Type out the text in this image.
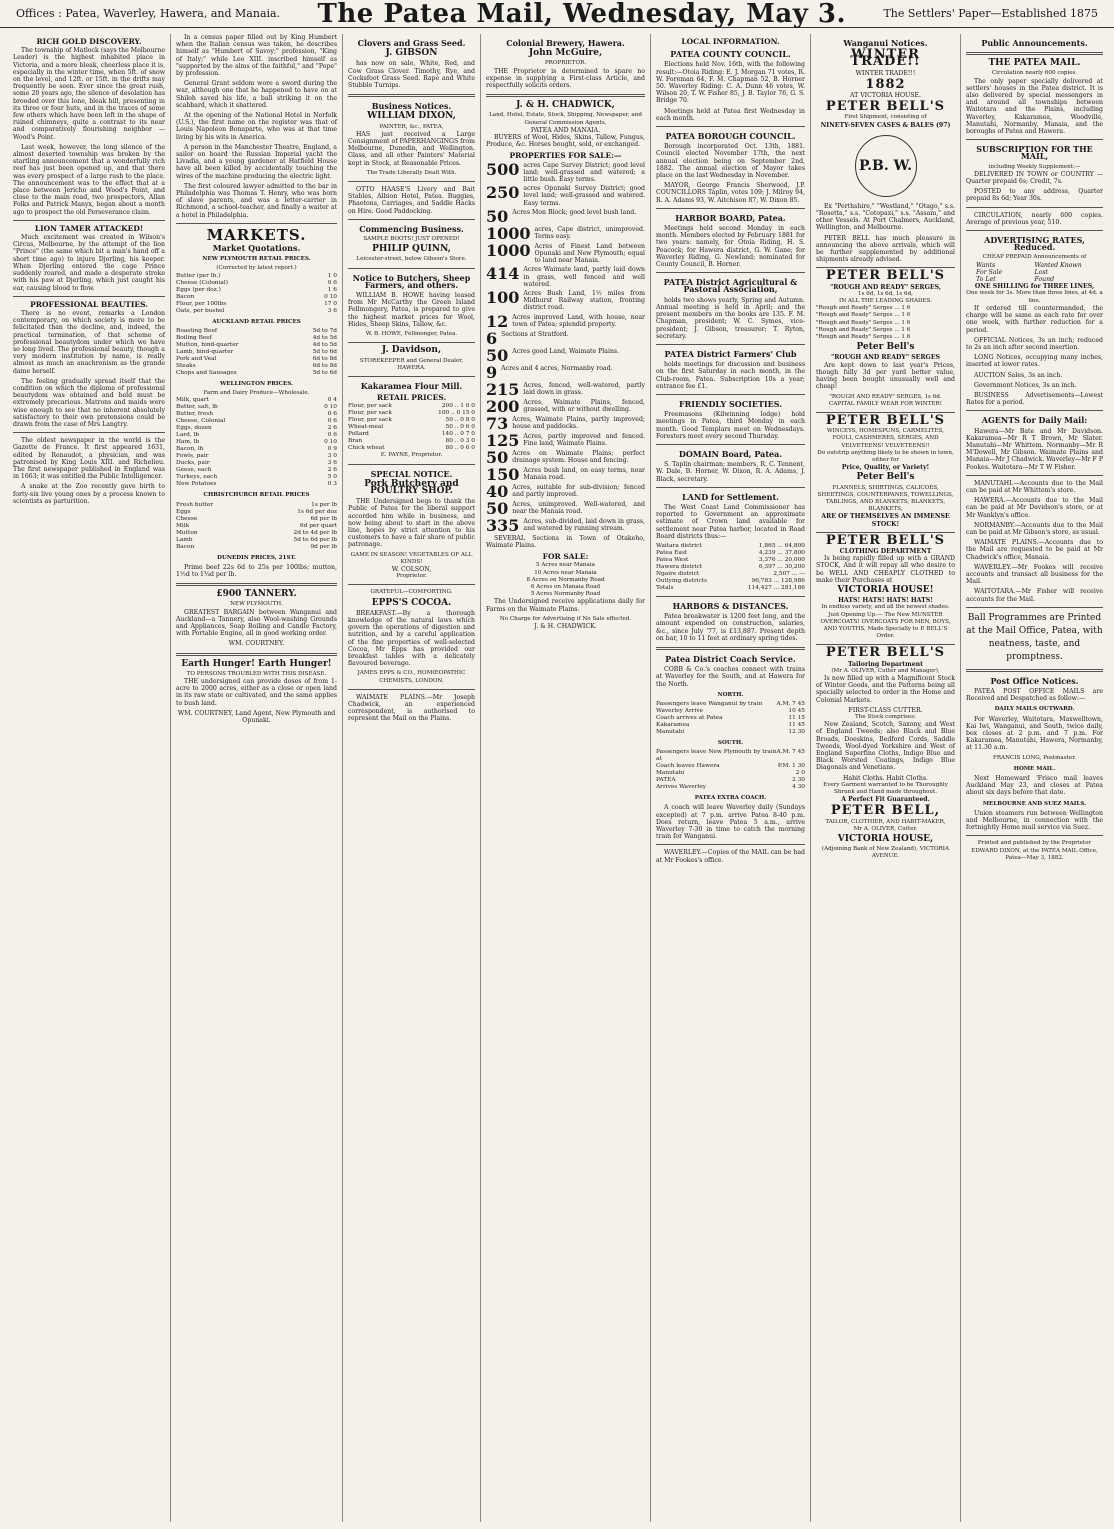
Offices : Patea, Waverley, Hawera, and Manaia. The Patea Mail, Wednesday, May 3.	The Settlers' Paper—Established 1875
RICH GOLD DISCOVERY.

The township of Matlock (says the Melbourne Leader) is the highest inhabited place in Victoria, and a more bleak, cheerless place it is, especially in the winter time, when 5ft. of snow on the level, and 12ft. or 15ft. in the drifts may frequently be seen. Ever since the great rush, some 20 years ago, the silence of desolation has brooded over this lone, bleak hill, presenting in its three or four huts, and in the traces of some few others which have been left in the shape of ruined chimneys, quite a contrast to its near and comparatively flourishing neighbor — Wood's Point.

Last week, however, the long silence of the almost deserted township was broken by the startling announcement that a wonderfully rich reef has just been opened up, and that there was every prospect of a large rush to the place. The announcement was to the effect that at a place between Jericho and Wood's Point, and close to the main road, two prospectors, Allan Folks and Patrick Manyx, began about a month ago to prospect the old Perseverance claim.

LION TAMER ATTACKED!

Much excitement was created in Wilson's Circus, Melbourne, by the attempt of the lion "Prince" (the same which bit a man's hand off a short time ago) to injure Djerling, his keeper. When Djerling entered the cage Prince suddenly roared, and made a desperate stroke with his paw at Djerling, which just caught his ear, causing blood to flow.

PROFESSIONAL BEAUTIES.

There is no event, remarks a London contemporary, on which society is more to be felicitated than the decline, and, indeed, the practical termination, of that scheme of professional beautydom under which we have so long lived. The professional beauty, though a very modern institution by name, is really almost as much an anachronism as the grande dame herself.

The feeling gradually spread itself that the condition on which the diploma of professional beautydom was obtained and held must be extremely precarious. Matrons and maids were wise enough to see that no inherent absolutely satisfactory to their own pretensions could be drawn from the case of Mrs Langtry.

The oldest newspaper in the world is the Gazette de France. It first appeared 1631, edited by Renaudot, a physician, and was patronised by King Louis XIII. and Richelieu. The first newspaper published in England was in 1663; it was entitled the Public Intelligencer.

A snake at the Zoo recently gave birth to forty-six live young ones by a process known to scientists as parturition.

In a census paper filled out by King Humbert when the Italian census was taken, he describes himself as "Humbert of Savoy;" profession, "King of Italy;" while Leo XIII. inscribed himself as "supported by the alms of the faithful," and "Pope" by profession.

General Grant seldom wore a sword during the war, although one that he happened to have on at Shiloh saved his life, a ball striking it on the scabbard, which it shattered.

At the opening of the National Hotel in Norfolk (U.S.), the first name on the register was that of Louis Napoleon Bonaparte, who was at that time living by his wits in America.

A person in the Manchester Theatre, England, a sailor on board the Russian Imperial yacht the Livadia, and a young gardener at Hatfield House have all been killed by accidentally touching the wires of the machine producing the electric light.

The first coloured lawyer admitted to the bar in Philadelphia was Thomas T. Henry, who was born of slave parents, and was a letter-carrier in Richmond, a school-teacher, and finally a waiter at a hotel in Philadelphia.

MARKETS.
Market Quotations.
NEW PLYMOUTH RETAIL PRICES.
(Corrected by latest report.)
Butter (per lb.)	1 0
Cheese (Colonial)	0 6
Eggs (per doz.)	1 6
Bacon	0 10
Flour, per 100lbs	17 0
Oats, per bushel	3 6
AUCKLAND RETAIL PRICES
Roasting Beef	5d to 7d
Boiling Beef	4d to 5d
Mutton, hind-quarter	4d to 5d
Lamb, hind-quarter	5d to 6d
Pork and Veal	6d to 8d
Steaks	6d to 8d
Chops and Sausages	5d to 6d
WELLINGTON PRICES.
Farm and Dairy Produce—Wholesale.
Milk, quart	0 4
Butter, salt, lb	0 10
Butter, fresh	0 6
Cheese, Colonial	0 6
Eggs, dozen	2 6
Lard, lb	0 6
Ham, lb	0 10
Bacon, lb	0 9
Fowls, pair	3 0
Ducks, pair	3 6
Geese, each	2 6
Turkeys, each	5 0
New Potatoes	0 3
CHRISTCHURCH RETAIL PRICES
Fresh butter	1s per lb
Eggs	1s 6d per doz
Cheese	6d per lb
Milk	6d per quart
Mutton	2d to 4d per lb
Lamb	5d to 6d per lb
Bacon	9d per lb
DUNEDIN PRICES, 21ST.

Prime beef 22s 6d to 25s per 100lbs; mutton, 1½d to 1¾d per lb.

£900 TANNERY.
NEW PLYMOUTH.

GREATEST BARGAIN between Wanganui and Auckland—a Tannery, also Wool-washing Grounds and Appliances, Soap Boiling and Candle Factory, with Portable Engine, all in good working order.

WM. COURTNEY.
Earth Hunger! Earth Hunger!
TO PERSONS TROUBLED WITH THIS DISEASE.

THE undersigned can provide doses of from 1-acre to 2000 acres, either as a close or open land in its raw state or cultivated, and the same applies to bush land.

WM. COURTNEY, Land Agent, New Plymouth and Opunaki.
Clovers and Grass Seed.
J. GIBSON

has now on sale, White, Red, and Cow Grass Clover. Timothy, Rye, and Cocksfoot Grass Seed. Rape and White Stubble Turnips.

Business Notices.
WILLIAM DIXON,
PAINTER, &c., PATEA,

HAS just received a Large Consignment of PAPERHANGINGS from Melbourne, Dunedin, and Wellington. Glass, and all other Painters' Material kept in Stock, at Reasonable Prices.

The Trade Liberally Dealt With.

OTTO HAASE'S Livery and Bait Stables, Albion Hotel, Patea. Buggies, Phaetons, Carriages, and Saddle Hacks on Hire. Good Paddocking.

Commencing Business.
SAMPLE BOOTS! JUST OPENED!
PHILIP QUINN,
Leicester-street, below Gibson's Store.
Notice to Butchers, Sheep Farmers, and others.

WILLIAM B. HOWE having leased from Mr McCarthy the Green Island Fellmongery, Patea, is prepared to give the highest market prices for Wool, Hides, Sheep Skins, Tallow, &c.

W. B. HOWE, Fellmonger, Patea.
J. Davidson,
STOREKEEPER and General Dealer, HAWERA.
Kakaramea Flour Mill.
RETAIL PRICES.
Flour, per sack	200 .. 1 0 0
Flour, per sack	100 .. 0 15 0
Flour, per sack	50 .. 0 8 0
Wheat-meal	50 .. 0 6 0
Pollard	140 .. 0 7 0
Bran	80 .. 0 3 0
Chick wheat	80 .. 0 6 0
E. PAYNE, Proprietor.
SPECIAL NOTICE.
Pork Butchery and POULTRY SHOP.

THE Undersigned begs to thank the Public of Patea for the liberal support accorded him while in business, and now being about to start in the above line, hopes by strict attention to his customers to have a fair share of public patronage.

GAME IN SEASON! VEGETABLES OF ALL KINDS!
W. COLSON,
Proprietor.
GRATEFUL—COMFORTING.
EPPS'S COCOA.

BREAKFAST.—By a thorough knowledge of the natural laws which govern the operations of digestion and nutrition, and by a careful application of the fine properties of well-selected Cocoa, Mr Epps has provided our breakfast tables with a delicately flavoured beverage.

JAMES EPPS & CO., HOMŒOPATHIC CHEMISTS, LONDON.

WAIMATE PLAINS.—Mr Joseph Chadwick, an experienced correspondent, is authorised to represent the Mail on the Plains.

Colonial Brewery, Hawera.
John McGuire,
PROPRIETOR.

THE Proprietor is determined to spare no expense in supplying a First-class Article, and respectfully solicits orders.

J. & H. CHADWICK,
Land, Hotel, Estate, Stock, Shipping, Newspaper, and General Commission Agents,
PATEA AND MANAIA.

BUYERS of Wool, Hides, Skins, Tallow, Fungus, Produce, &c. Horses bought, sold, or exchanged.

PROPERTIES FOR SALE:—
500 acres Cape Survey District; good level land; well-grassed and watered; a little bush. Easy terms.
250 acres Opunaki Survey District; good level land; well-grassed and watered. Easy terms.
50 Acres Mon Block; good level bush land.
1000 acres, Cape district, unimproved. Terms easy.
1000 Acres of Finest Land between Opunaki and New Plymouth; equal to land near Manaia.
414 Acres Waimate land, partly laid down in grass, well fenced and well watered.
100 Acres Bush Land, 1½ miles from Midhurst Railway station, fronting district road.
12 Acres improved Land, with house, near town of Patea; splendid property.
6 Sections at Stratford.
50 Acres good Land, Waimate Plains.
9 Acres and 4 acres, Normanby road.
215 Acres, fenced, well-watered, partly laid down in grass.
200 Acres, Waimate Plains, fenced, grassed, with or without dwelling.
73 Acres, Waimate Plains, partly improved; house and paddocks.
125 Acres, partly improved and fenced. Fine land, Waimate Plains.
50 Acres on Waimate Plains; perfect drainage system. House and fencing.
150 Acres bush land, on easy terms, near Manaia road.
40 Acres, suitable for sub-division; fenced and partly improved.
50 Acres, unimproved. Well-watered, and near the Manaia road.
335 Acres, sub-divided, laid down in grass, and watered by running stream.

SEVERAL Sections in Town of Otakeho, Waimate Plains.

FOR SALE:
5 Acres near Manaia
10 Acres near Manaia
8 Acres on Normanby Road
6 Acres on Manaia Road
5 Acres Normanby Road

The Undersigned receive applications daily for Farms on the Waimate Plains.

No Charge for Advertising if No Sale effected.
J. & H. CHADWICK.
LOCAL INFORMATION.
PATEA COUNTY COUNCIL.

Elections held Nov. 16th, with the following result:—Otoia Riding: E. J. Morgan 71 votes, R. W. Foreman 64, F. M. Chapman 52, B. Horner 50. Waverley Riding: C. A. Dunn 46 votes, W. Wilson 20, T. W. Fisher 85, J. B. Taylor 76, G. S. Bridge 70.

Meetings held at Patea first Wednesday in each month.

PATEA BOROUGH COUNCIL.

Borough incorporated Oct. 13th, 1881. Council elected November 17th, the next annual election being on September 2nd, 1882. The annual election of Mayor takes place on the last Wednesday in November.

MAYOR, George Francis Sherwood, J.P. COUNCILLORS Taplin, votes 109; J. Milroy 94, R. A. Adams 93, W. Aitchison 87, W. Dixon 85.

HARBOR BOARD, Patea.

Meetings held second Monday in each month. Members elected by February 1881 for two years: namely, for Otoia Riding, H. S. Peacock; for Hawera district, G. W. Gane; for Waverley Riding, G. Newland; nominated for County Council, B. Horner.

PATEA District Agricultural & Pastoral Association,

holds two shows yearly, Spring and Autumn. Annual meeting is held in April; and the present members on the books are 135. F. M. Chapman, president; W. C. Symes, vice-president; J. Gibson, treasurer; T. Ryton, secretary.

PATEA District Farmers' Club

holds meetings for discussion and business on the first Saturday in each month, in the Club-room, Patea. Subscription 10s a year; entrance fee £1.

FRIENDLY SOCIETIES.

Freemasons (Kilwinning lodge) hold meetings in Patea, third Monday in each month. Good Templars meet on Wednesdays. Foresters meet every second Thursday.

DOMAIN Board, Patea.

S. Taplin chairman; members, R. C. Tennent, W. Dale, B. Horner, W. Dixon, R. A. Adams, J. Black, secretary.

LAND for Settlement.

The West Coast Land Commissioner has reported to Government an approximate estimate of Crown land available for settlement near Patea harbor, located in Road Board districts thus:—

Waitara district	1,865 ... 64,800
Patea East	4,239 ... 37,800
Patea West	3,376 ... 20,000
Hawera district	6,397 ... 30,200
Ngaire district	2,507 ... —
Outlying districts	96,783 ... 128,986
Totals	114,427 ... 281,186
HARBORS & DISTANCES.

Patea breakwater is 1200 feet long, and the amount expended on construction, salaries, &c., since July '77, is £13,887. Present depth on bar, 10 to 11 feet at ordinary spring tides.

Patea District Coach Service.

COBB & Co.'s coaches connect with trains at Waverley for the South, and at Hawera for the North.

NORTH.
Passengers leave Wanganui by train A.M. 7 45
Waverley Arrive	10 45
Coach arrives at Patea	11 15
Kakaramea	11 45
Manutahi	12 30
SOUTH.
Passengers leave New Plymouth by train at
A.M. 7 45
Coach leaves Hawera	P.M. 1 30
Manutahi	2 0
PATEA	2 30
Arrives Waverley	4 30
PATEA EXTRA COACH.

A coach will leave Waverley daily (Sundays excepted) at 7 p.m. arrive Patea 8-40 p.m. Does return, leave Patea 5 a.m., arrive Waverley 7-30 in time to catch the morning train for Wanganui.

WAVERLEY.—Copies of the MAIL can be had at Mr Fookes's office.

Wanganui Notices.
WINTER TRADE!!
WINTER TRADE!!!
1882
AT VICTORIA HOUSE.
PETER BELL'S
First Shipment, consisting of
NINETY-SEVEN CASES & BALES (97)
P.B. W.

Ex "Perthshire," "Westland," "Otago," s.s. "Rosetta," s.s. "Cotopaxi," s.s. "Assam," and other Vessels. At Port Chalmers, Auckland, Wellington, and Melbourne.

PETER BELL has much pleasure in announcing the above arrivals, which will be further supplemented by additional shipments already advised.

PETER BELL'S
"ROUGH AND READY" SERGES,
1s 6d, 1s 6d, 1s 6d,
IN ALL THE LEADING SHADES.
"Rough and Ready" Serges ... 1 6
"Rough and Ready" Serges ... 1 6
"Rough and Ready" Serges ... 1 6
"Rough and Ready" Serges ... 1 6
"Rough and Ready" Serges ... 1 6
Peter Bell's
"ROUGH AND READY" SERGES

Are kept down to last year's Prices, though fully 3d per yard better value, having been bought unusually well and cheap!

"ROUGH AND READY" SERGES, 1s 6d. CAPITAL FAMILY WEAR FOR WINTER!
PETER BELL'S
WINCEYS, HOMESPUNS, CARMELITES, FOULI, CASHMERES, SERGES, AND VELVETEENS! VELVETEENS!!
Do outstrip anything likely to be shown in town, either for
Price, Quality, or Variety!
Peter Bell's
FLANNELS, SHIRTINGS, CALICOES, SHEETINGS, COUNTERPANES, TOWELLINGS, TABLINGS, AND BLANKETS, BLANKETS, BLANKETS,
ARE OF THEMSELVES AN IMMENSE STOCK!
PETER BELL'S
CLOTHING DEPARTMENT

Is being rapidly filled up with a GRAND STOCK, And it will repay all who desire to be WELL AND CHEAPLY CLOTHED to make their Purchases at

VICTORIA HOUSE!
HATS! HATS! HATS! HATS!
In endless variety, and all the newest shades.
Just Opening Up.— The New MUNSTER OVERCOATS! OVERCOATS FOR MEN, BOYS, AND YOUTHS, Made Specially to P. BELL'S Order.
PETER BELL'S
Tailoring Department
(Mr A. OLIVER, Cutter and Manager),

Is now filled up with a Magnificent Stock of Winter Goods, and the Patterns being all specially selected to order in the Home and Colonial Markets.

FIRST-CLASS CUTTER.
The Stock comprises:

New Zealand, Scotch, Saxony, and West of England Tweeds; also Black and Blue Broads, Doeskins, Bedford Cords, Saddle Tweeds, Wool-dyed Yorkshire and West of England Superfine Cloths, Indigo Blue and Black Worsted Coatings, Indigo Blue Diagonals and Venetians.

Habit Cloths. Habit Cloths.
Every Garment warranted to be Thoroughly Shrunk and Hand made throughout.
A Perfect Fit Guaranteed.
PETER BELL,
TAILOR, CLOTHIER, AND HABIT-MAKER,
Mr A. OLIVER, Cutter.
VICTORIA HOUSE,
(Adjoining Bank of New Zealand), VICTORIA AVENUE.
Public Announcements.
THE PATEA MAIL.
Circulation nearly 600 copies.

The only paper specially delivered at settlers' houses in the Patea district. It is also delivered by special messengers in and around all townships between Waitotara and the Plains, including Waverley, Kakaramea, Woodville, Manutahi, Normanby, Manaia, and the boroughs of Patea and Hawera.

SUBSCRIPTION FOR THE MAIL,
including Weekly Supplement:—

DELIVERED IN TOWN or COUNTRY —Quarter prepaid 6s; Credit, 7s.

POSTED to any address, Quarter prepaid 8s 6d; Year 30s.

CIRCULATION, nearly 600 copies. Average of previous year, 510.

ADVERTISING RATES, Reduced.
CHEAP PREPAID Announcements of
Wants	Wanted Known
For Sale	Lost
To Let	Found
ONE SHILLING for THREE LINES,
One week for 3s. More than three lines, at 4d. a line.

If ordered till countermanded, the charge will be same as each rate for over one week, with further reduction for a period.

OFFICIAL Notices, 3s an inch; reduced to 2s an inch after second insertion.

LONG Notices, occupying many inches, inserted at lower rates.

AUCTION Sales, 3s an inch.

Government Notices, 3s an inch.

BUSINESS Advertisements—Lowest Rates for a period.

AGENTS for Daily Mail:

Hawera—Mr Bate and Mr Davidson. Kakaramea—Mr R T Brown, Mr Slater. Manutahi—Mr Whittem. Normanby—Mr R M'Dowell, Mr Gibson. Waimate Plains and Manaia—Mr J Chadwick. Waverley—Mr F P Fookes. Waitotara—Mr T W Fisher.

MANUTAHI.—Accounts due to the Mail can be paid at Mr Whittem's store.

HAWERA.—Accounts due to the Mail can be paid at Mr Davidson's store, or at Mr Wanklyn's office.

NORMANBY.—Accounts due to the Mail can be paid at Mr Gibson's store, as usual.

WAIMATE PLAINS.—Accounts due to the Mail are requested to be paid at Mr Chadwick's office, Manaia.

WAVERLEY.—Mr Fookes will receive accounts and transact all business for the Mail.

WAITOTARA.—Mr Fisher will receive accounts for the Mail.

Ball Programmes are Printed at the Mail Office, Patea, with neatness, taste, and promptness.
Post Office Notices.

PATEA POST OFFICE MAILS are Received and Despatched as follow:—

DAILY MAILS OUTWARD.

For Waverley, Waitotara, Maxwelltown, Kai Iwi, Wanganui, and South, twice daily, box closes at 2 p.m. and 7 p.m. For Kakaramea, Manutahi, Hawera, Normanby, at 11.30 a.m.

FRANCIS LONG, Postmaster.
HOME MAIL.

Next Homeward 'Frisco mail leaves Auckland May 23, and closes at Patea about six days before that date.

MELBOURNE AND SUEZ MAILS.

Union steamers run between Wellington and Melbourne, in connection with the fortnightly Home mail service via Suez.

Printed and published by the Proprietor EDWARD DIXON, at the PATEA MAIL Office, Patea—May 3, 1882.
